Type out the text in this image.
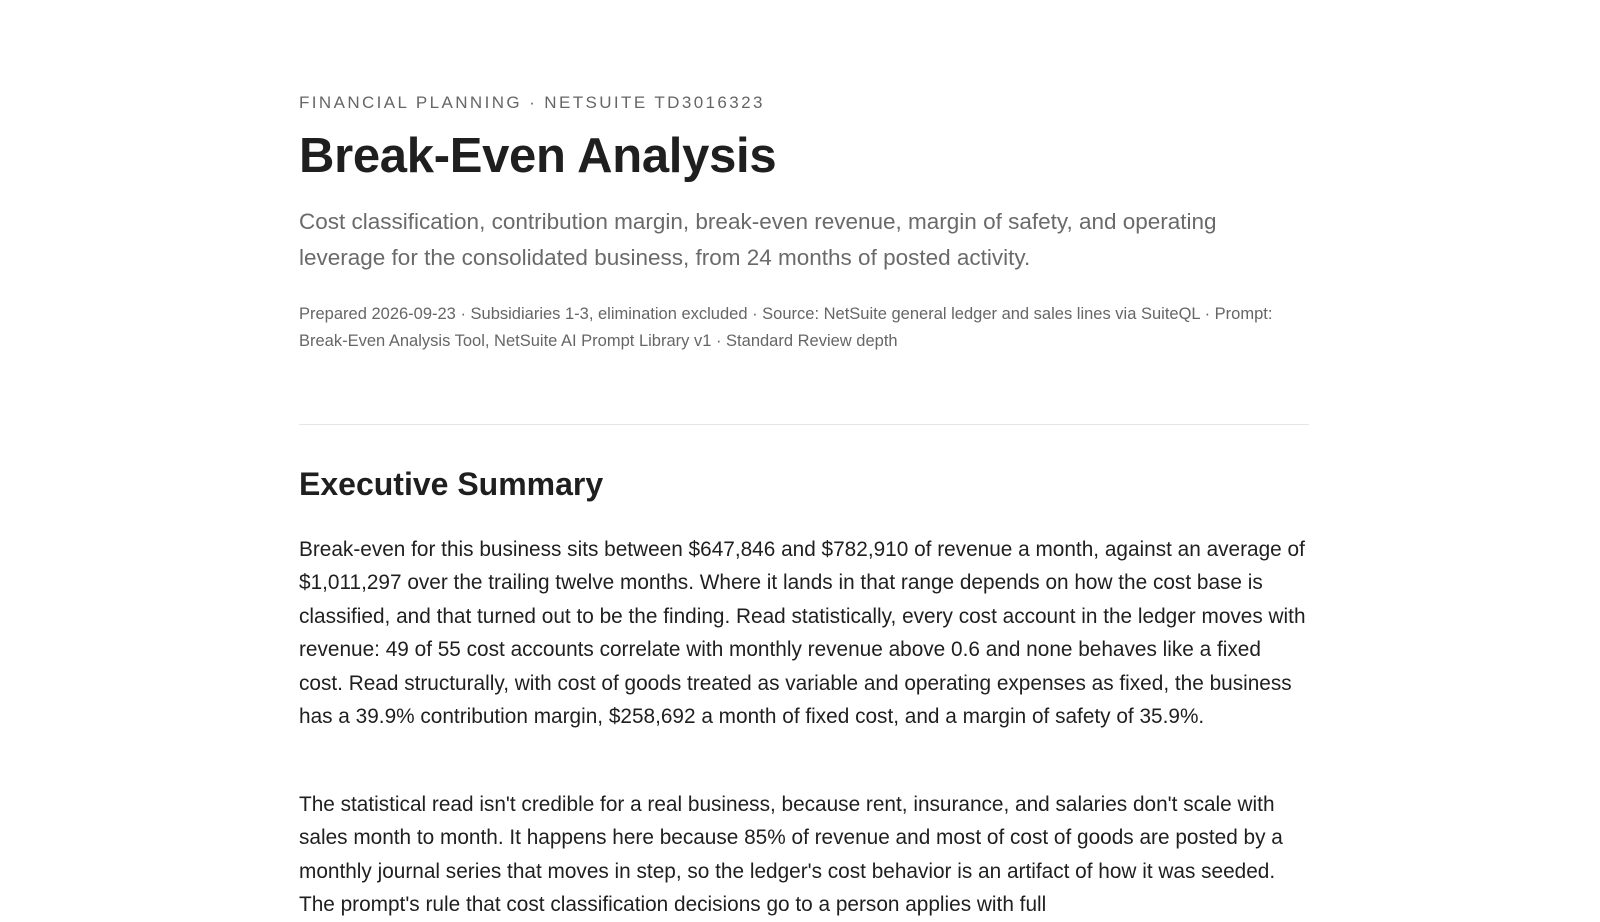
FINANCIAL PLANNING · NETSUITE TD3016323
Break-Even Analysis

Cost classification, contribution margin, break-even revenue, margin of safety, and operating leverage for the consolidated business, from 24 months of posted activity.

Prepared 2026-09-23 · Subsidiaries 1-3, elimination excluded · Source: NetSuite general ledger and sales lines via SuiteQL · Prompt: Break-Even Analysis Tool, NetSuite AI Prompt Library v1 · Standard Review depth

Executive Summary

Break-even for this business sits between $647,846 and $782,910 of revenue a month, against an average of $1,011,297 over the trailing twelve months. Where it lands in that range depends on how the cost base is classified, and that turned out to be the finding. Read statistically, every cost account in the ledger moves with revenue: 49 of 55 cost accounts correlate with monthly revenue above 0.6 and none behaves like a fixed cost. Read structurally, with cost of goods treated as variable and operating expenses as fixed, the business has a 39.9% contribution margin, $258,692 a month of fixed cost, and a margin of safety of 35.9%.

The statistical read isn't credible for a real business, because rent, insurance, and salaries don't scale with sales month to month. It happens here because 85% of revenue and most of cost of goods are posted by a monthly journal series that moves in step, so the ledger's cost behavior is an artifact of how it was seeded. The prompt's rule that cost classification decisions go to a person applies with full
